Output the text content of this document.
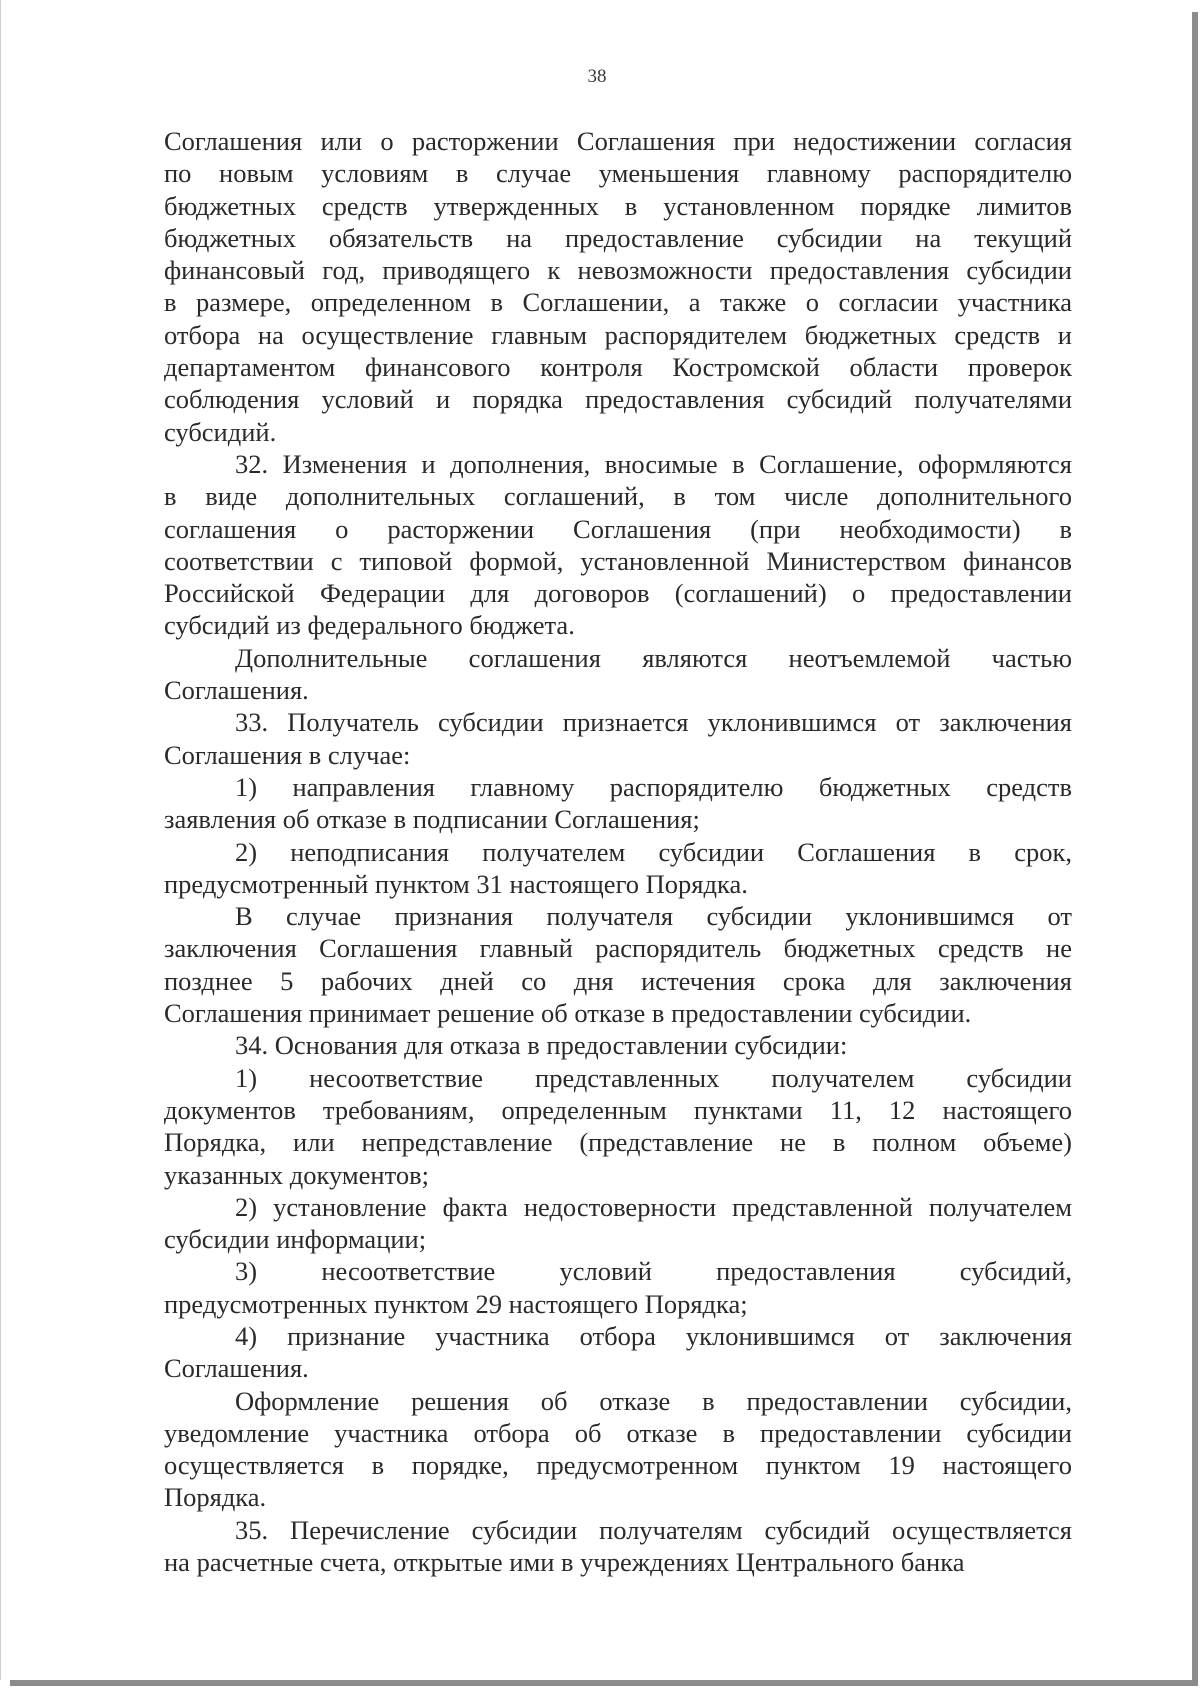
38

Соглашения или о расторжении Соглашения при недостижении согласия

по новым условиям в случае уменьшения главному распорядителю

бюджетных средств утвержденных в установленном порядке лимитов

бюджетных обязательств на предоставление субсидии на текущий

финансовый год, приводящего к невозможности предоставления субсидии

в размере, определенном в Соглашении, а также о согласии участника

отбора на осуществление главным распорядителем бюджетных средств и

департаментом финансового контроля Костромской области проверок

соблюдения условий и порядка предоставления субсидий получателями

субсидий.

32. Изменения и дополнения, вносимые в Соглашение, оформляются

в виде дополнительных соглашений, в том числе дополнительного

соглашения о расторжении Соглашения (при необходимости) в

соответствии с типовой формой, установленной Министерством финансов

Российской Федерации для договоров (соглашений) о предоставлении

субсидий из федерального бюджета.

Дополнительные соглашения являются неотъемлемой частью

Соглашения.

33. Получатель субсидии признается уклонившимся от заключения

Соглашения в случае:

1) направления главному распорядителю бюджетных средств

заявления об отказе в подписании Соглашения;

2) неподписания получателем субсидии Соглашения в срок,

предусмотренный пунктом 31 настоящего Порядка.

В случае признания получателя субсидии уклонившимся от

заключения Соглашения главный распорядитель бюджетных средств не

позднее 5 рабочих дней со дня истечения срока для заключения

Соглашения принимает решение об отказе в предоставлении субсидии.

34. Основания для отказа в предоставлении субсидии:

1) несоответствие представленных получателем субсидии

документов требованиям, определенным пунктами 11, 12 настоящего

Порядка, или непредставление (представление не в полном объеме)

указанных документов;

2) установление факта недостоверности представленной получателем

субсидии информации;

3) несоответствие условий предоставления субсидий,

предусмотренных пунктом 29 настоящего Порядка;

4) признание участника отбора уклонившимся от заключения

Соглашения.

Оформление решения об отказе в предоставлении субсидии,

уведомление участника отбора об отказе в предоставлении субсидии

осуществляется в порядке, предусмотренном пунктом 19 настоящего

Порядка.

35. Перечисление субсидии получателям субсидий осуществляется

на расчетные счета, открытые ими в учреждениях Центрального банка
